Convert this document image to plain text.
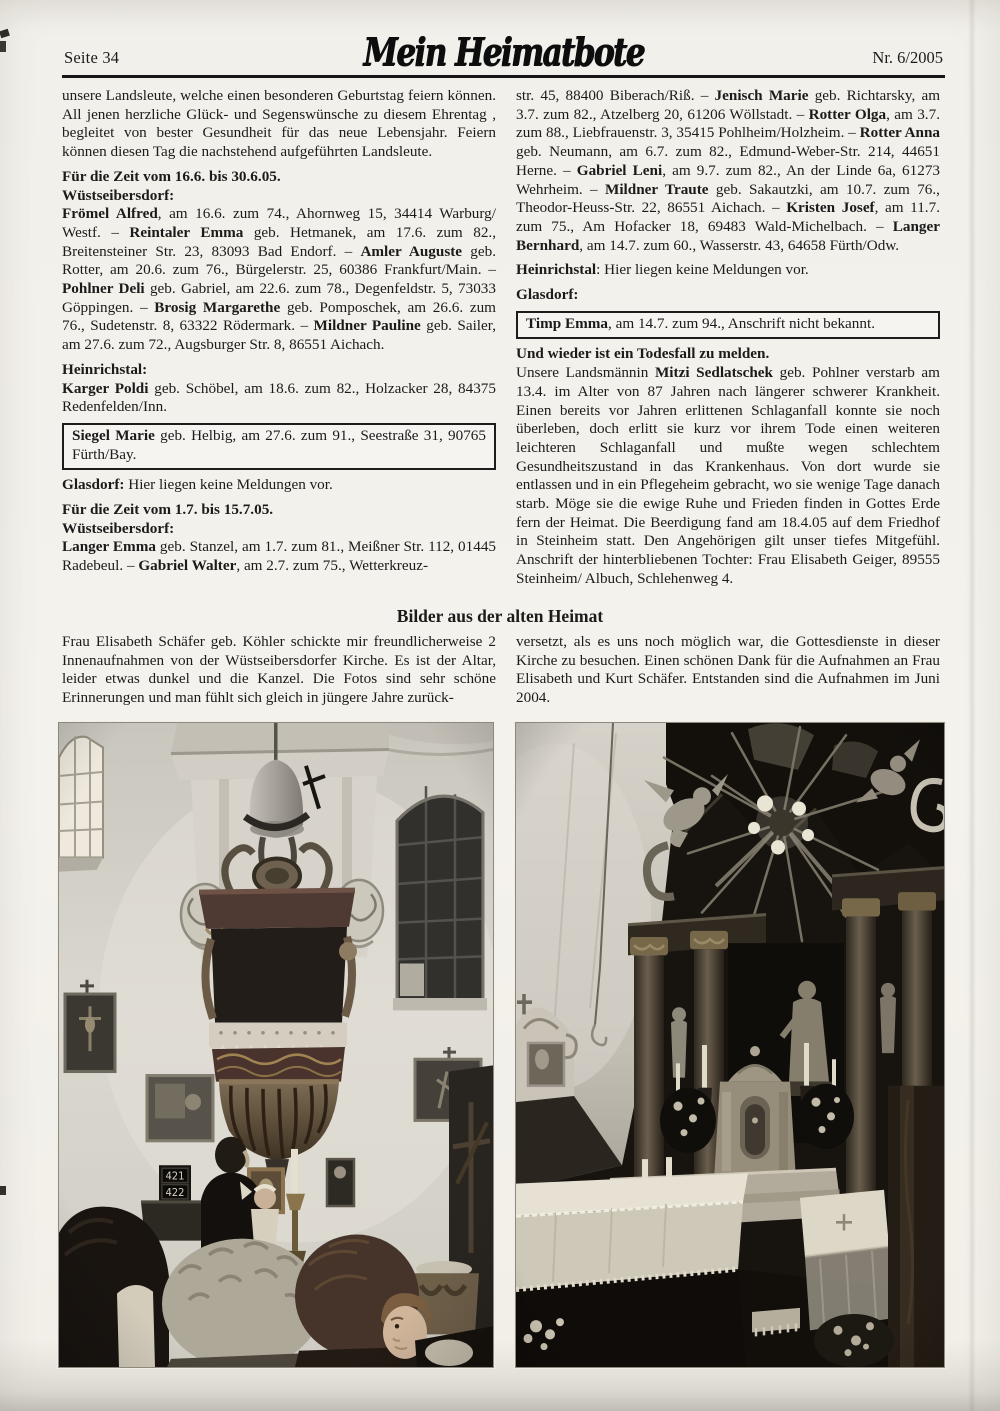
Seite 34	Mein Heimatbote	Nr. 6/2005

unsere Landsleute, welche einen besonderen Geburtstag feiern können. All jenen herzliche Glück- und Segenswünsche zu diesem Ehrentag , begleitet von bester Gesundheit für das neue Lebensjahr. Feiern können diesen Tag die nachstehend aufgeführten Landsleute.

Für die Zeit vom 16.6. bis 30.6.05.

Wüstseibersdorf:

Frömel Alfred, am 16.6. zum 74., Ahornweg 15, 34414 Warburg/ Westf. – Reintaler Emma geb. Hetmanek, am 17.6. zum 82., Breitensteiner Str. 23, 83093 Bad Endorf. – Amler Auguste geb. Rotter, am 20.6. zum 76., Bürgelerstr. 25, 60386 Frankfurt/Main. – Pohlner Deli geb. Gabriel, am 22.6. zum 78., Degenfeldstr. 5, 73033 Göppingen. – Brosig Margarethe geb. Pomposchek, am 26.6. zum 76., Sudetenstr. 8, 63322 Rödermark. – Mildner Pauline geb. Sailer, am 27.6. zum 72., Augsburger Str. 8, 86551 Aichach.

Heinrichstal:

Karger Poldi geb. Schöbel, am 18.6. zum 82., Holzacker 28, 84375 Redenfelden/Inn.

Siegel Marie geb. Helbig, am 27.6. zum 91., Seestraße 31, 90765 Fürth/Bay.

Glasdorf: Hier liegen keine Meldungen vor.

Für die Zeit vom 1.7. bis 15.7.05.

Wüstseibersdorf:

Langer Emma geb. Stanzel, am 1.7. zum 81., Meißner Str. 112, 01445 Radebeul. – Gabriel Walter, am 2.7. zum 75., Wetterkreuz-

str. 45, 88400 Biberach/Riß. – Jenisch Marie geb. Richtarsky, am 3.7. zum 82., Atzelberg 20, 61206 Wöllstadt. – Rotter Olga, am 3.7. zum 88., Liebfrauenstr. 3, 35415 Pohlheim/Holzheim. – Rotter Anna geb. Neumann, am 6.7. zum 82., Edmund-Weber-Str. 214, 44651 Herne. – Gabriel Leni, am 9.7. zum 82., An der Linde 6a, 61273 Wehrheim. – Mildner Traute geb. Sakautzki, am 10.7. zum 76., Theodor-Heuss-Str. 22, 86551 Aichach. – Kristen Josef, am 11.7. zum 75., Am Hofacker 18, 69483 Wald-Michelbach. – Langer Bernhard, am 14.7. zum 60., Wasserstr. 43, 64658 Fürth/Odw.

Heinrichstal: Hier liegen keine Meldungen vor.

Glasdorf:

Timp Emma, am 14.7. zum 94., Anschrift nicht bekannt.

Und wieder ist ein Todesfall zu melden.

Unsere Landsmännin Mitzi Sedlatschek geb. Pohlner verstarb am 13.4. im Alter von 87 Jahren nach längerer schwerer Krankheit. Einen bereits vor Jahren erlittenen Schlaganfall konnte sie noch überleben, doch erlitt sie kurz vor ihrem Tode einen weiteren leichteren Schlaganfall und mußte wegen schlechtem Gesundheitszustand in das Krankenhaus. Von dort wurde sie entlassen und in ein Pflegeheim gebracht, wo sie wenige Tage danach starb. Möge sie die ewige Ruhe und Frieden finden in Gottes Erde fern der Heimat. Die Beerdigung fand am 18.4.05 auf dem Friedhof in Steinheim statt. Den Angehörigen gilt unser tiefes Mitgefühl. Anschrift der hinterbliebenen Tochter: Frau Elisabeth Geiger, 89555 Steinheim/ Albuch, Schlehenweg 4.

Bilder aus der alten Heimat

Frau Elisabeth Schäfer geb. Köhler schickte mir freundlicherweise 2 Innenaufnahmen von der Wüstseibersdorfer Kirche. Es ist der Altar, leider etwas dunkel und die Kanzel. Die Fotos sind sehr schöne Erinnerungen und man fühlt sich gleich in jüngere Jahre zurück-

versetzt, als es uns noch möglich war, die Gottesdienste in dieser Kirche zu besuchen. Einen schönen Dank für die Aufnahmen an Frau Elisabeth und Kurt Schäfer. Entstanden sind die Aufnahmen im Juni 2004.
